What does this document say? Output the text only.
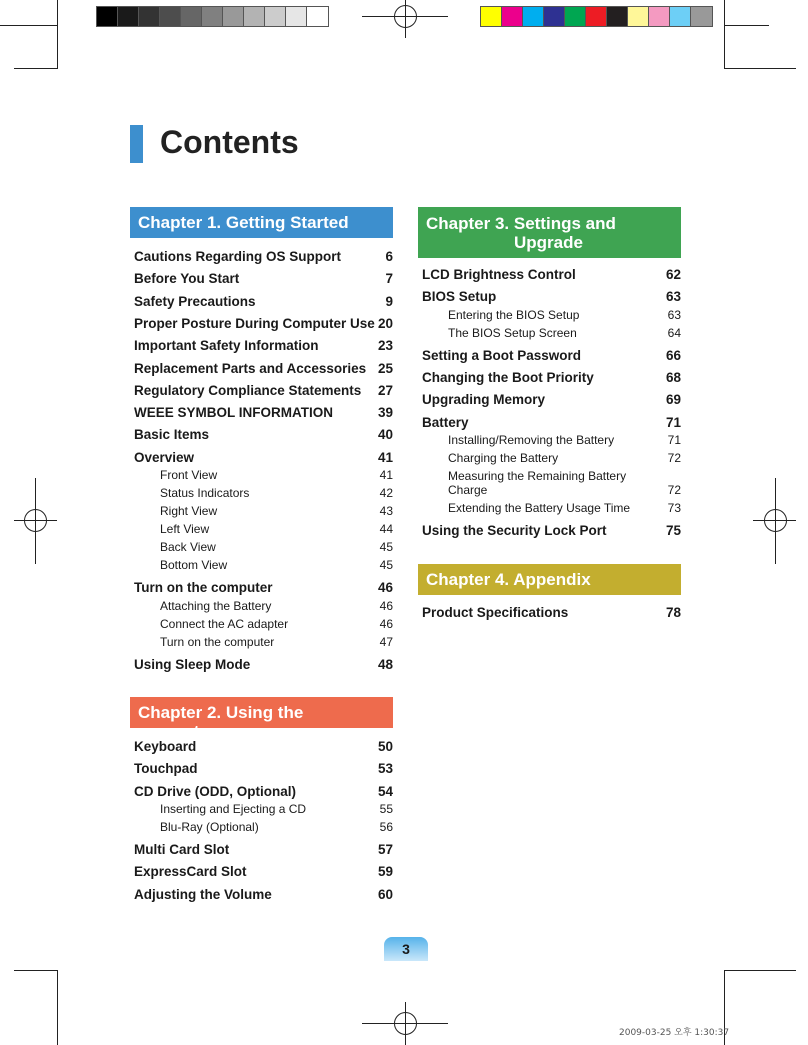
Contents
Chapter 1. Getting Started
Cautions Regarding OS Support	6
Before You Start	7
Safety Precautions	9
Proper Posture During Computer Use 20
Important Safety Information	23
Replacement Parts and Accessories 25
Regulatory Compliance Statements 27
WEEE SYMBOL INFORMATION	39
Basic Items	40
Overview	41
Front View	41
Status Indicators	42
Right View	43
Left View	44
Back View	45
Bottom View	45
Turn on the computer	46
Attaching the Battery	46
Connect the AC adapter	46
Turn on the computer	47
Using Sleep Mode	48
Chapter 2. Using the computer
Keyboard	50
Touchpad	53
CD Drive (ODD, Optional)	54
Inserting and Ejecting a CD	55
Blu-Ray (Optional)	56
Multi Card Slot	57
ExpressCard Slot	59
Adjusting the Volume	60
Chapter 3. Settings and
Upgrade
LCD Brightness Control	62
BIOS Setup	63
Entering the BIOS Setup	63
The BIOS Setup Screen	64
Setting a Boot Password	66
Changing the Boot Priority	68
Upgrading Memory	69
Battery	71
Installing/Removing the Battery	71
Charging the Battery	72
Measuring the Remaining Battery
Charge	72
Extending the Battery Usage Time	73
Using the Security Lock Port	75
Chapter 4. Appendix
Product Specifications	78
3
2009-03-25 오후 1:30:37
